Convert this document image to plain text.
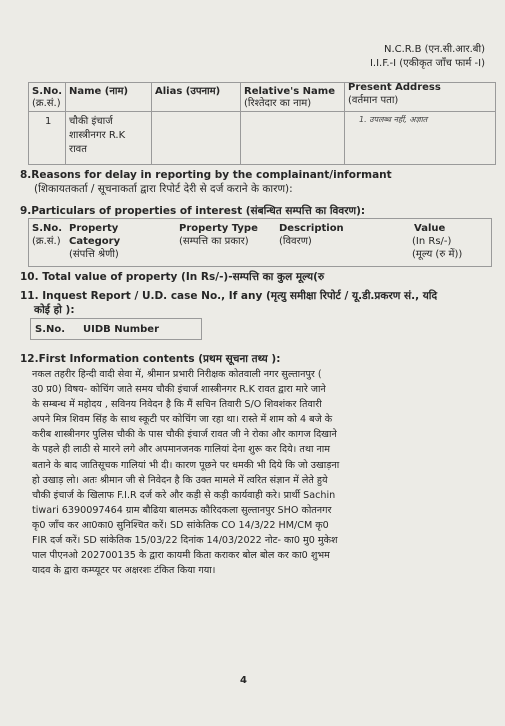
N.C.R.B (एन.सी.आर.बी)
I.I.F.-I (एकीकृत जाँच फार्म -I)
S.No.
(क्र.सं.)
Name (नाम)	Alias (उपनाम) Relative's Name
(रिश्तेदार का नाम)
Present Address
(वर्तमान पता)
1 चौकी इंचार्ज
शास्त्रीनगर R.K
रावत
1. उपलब्ध नहीं, अज्ञात
8.Reasons for delay in reporting by the complainant/informant
(शिकायतकर्ता / सूचनाकर्ता द्वारा रिपोर्ट देरी से दर्ज कराने के कारण):
9.Particulars of properties of interest (संबन्धित सम्पत्ति का विवरण):
S.No.
(क्र.सं.)
Property
Category
(संपत्ति श्रेणी)
Property Type
(सम्पत्ति का प्रकार)
Description
(विवरण)
Value
(In Rs/-)
(मूल्य (रु में))
10. Total value of property (In Rs/-)-सम्पत्ति का कुल मूल्य(रु
11. Inquest Report / U.D. case No., If any (मृत्यु समीक्षा रिपोर्ट / यू.डी.प्रकरण सं., यदि
कोई हो ):
S.No. UIDB Number
12.First Information contents (प्रथम सूचना तथ्य ):
नकल तहरीर हिन्दी वादी सेवा में, श्रीमान प्रभारी निरीक्षक कोतवाली नगर सुल्तानपुर (
उ0 प्र0) विषय- कोचिंग जाते समय चौकी इंचार्ज शास्त्रीनगर R.K रावत द्वारा मारे जाने
के सम्बन्ध में महोदय , सविनय निवेदन है कि मैं सचिन तिवारी S/O शिवशंकर तिवारी
अपने मित्र शिवम सिंह के साथ स्कूटी पर कोचिंग जा रहा था। रास्ते में शाम को 4 बजे के
करीब शास्त्रीनगर पुलिस चौकी के पास चौकी इंचार्ज रावत जी ने रोका और कागज दिखाने
के पहले ही लाठी से मारने लगे और अपमानजनक गालियां देना शुरू कर दिये। तथा नाम
बताने के बाद जातिसूचक गालियां भी दी। कारण पूछने पर धमकी भी दिये कि जो उखाड़ना
हो उखाड़ लो। अतः श्रीमान जी से निवेदन है कि उक्त मामले में त्वरित संज्ञान में लेते हुये
चौकी इंचार्ज के खिलाफ F.I.R दर्ज करे और कड़ी से कड़ी कार्यवाही करे। प्रार्थी Sachin
tiwari 6390097464 ग्राम बौढिया बालमऊ कौरिदकला सुल्तानपुर SHO कोतनगर
कृ0 जाँच कर आ0का0 सुनिश्चित करें। SD सांकेतिक CO 14/3/22 HM/CM कृ0
FIR दर्ज करें। SD सांकेतिक 15/03/22 दिनांक 14/03/2022 नोट- का0 मु0 मुकेश
पाल पीएनओ 202700135 के द्वारा कायमी किता कराकर बोल बोल कर का0 शुभम
यादव के द्वारा कम्प्यूटर पर अक्षरशः टंकित किया गया।
4
